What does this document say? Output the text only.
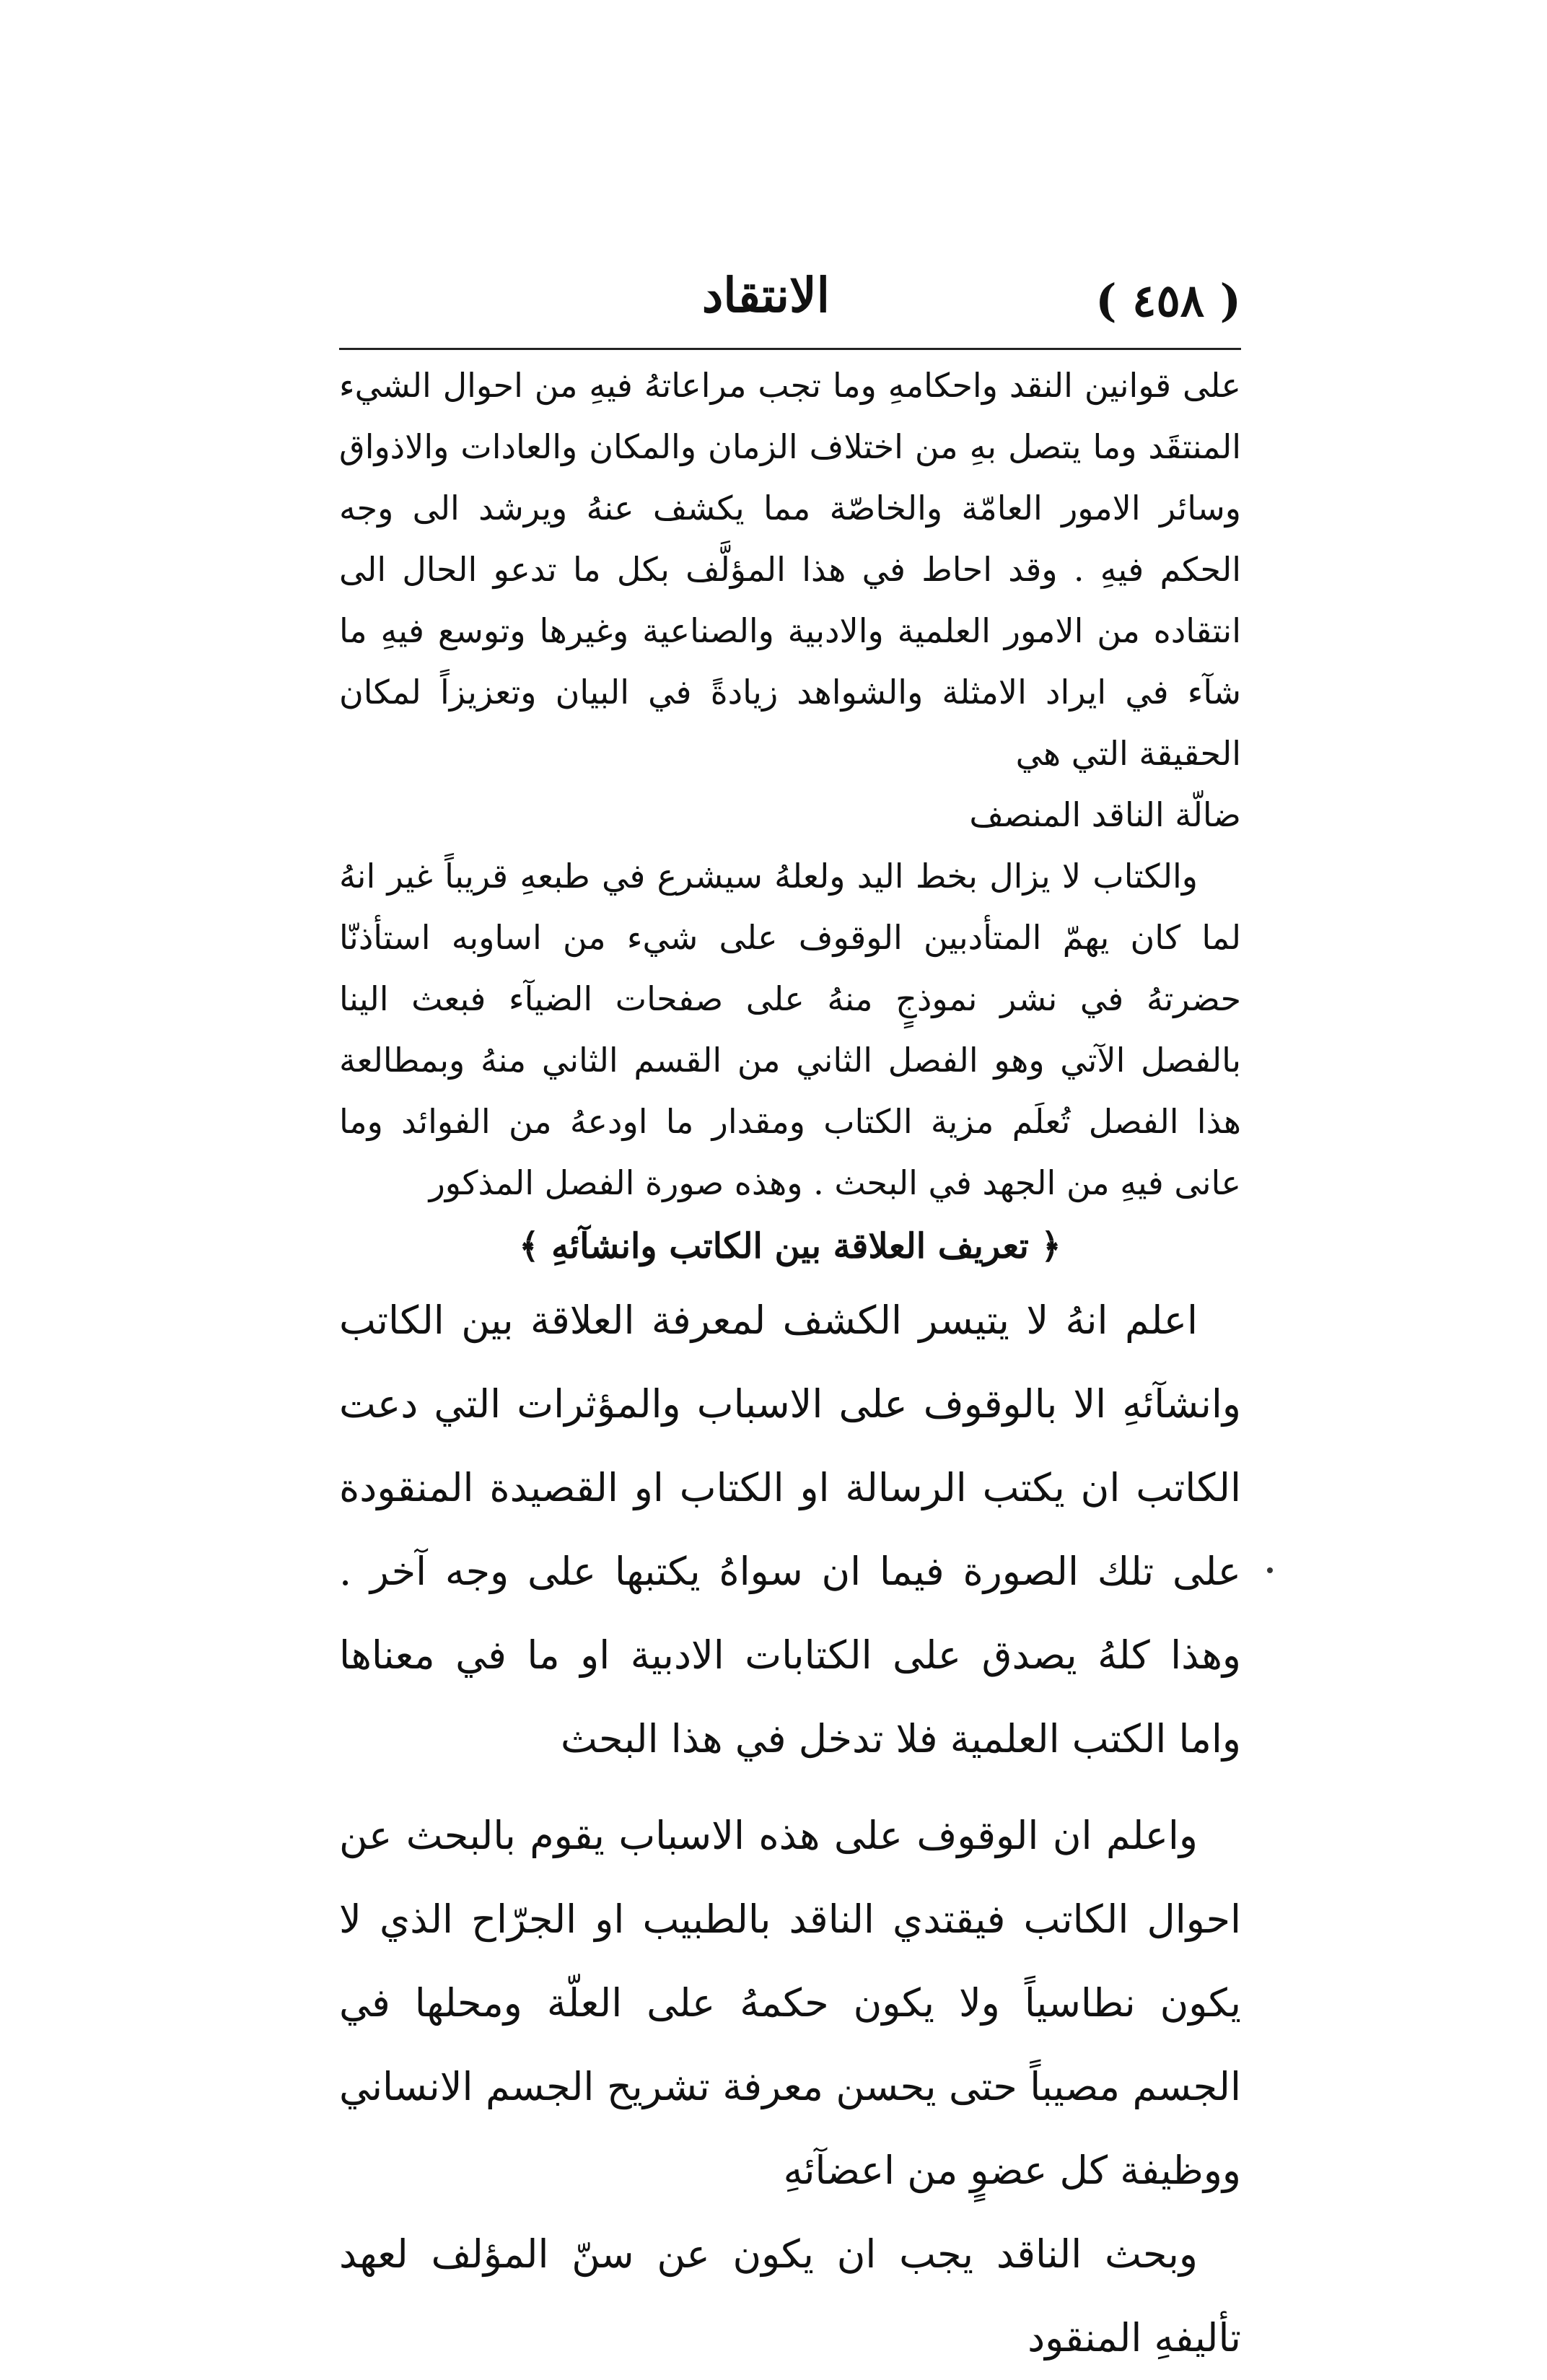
( ٤٥٨ )
الانتقاد

على قوانين النقد واحكامهِ وما تجب مراعاتهُ فيهِ من احوال الشيء المنتقَد وما يتصل بهِ من اختلاف الزمان والمكان والعادات والاذواق وسائر الامور العامّة والخاصّة مما يكشف عنهُ ويرشد الى وجه الحكم فيهِ . وقد احاط في هذا المؤلَّف بكل ما تدعو الحال الى انتقاده من الامور العلمية والادبية والصناعية وغيرها وتوسع فيهِ ما شآء في ايراد الامثلة والشواهد زيادةً في البيان وتعزيزاً لمكان الحقيقة التي هي

ضالّة الناقد المنصف

والكتاب لا يزال بخط اليد ولعلهُ سيشرع في طبعهِ قريباً غير انهُ لما كان يهمّ المتأدبين الوقوف على شيء من اساوبه استأذنّا حضرتهُ في نشر نموذجٍ منهُ على صفحات الضيآء فبعث الينا بالفصل الآتي وهو الفصل الثاني من القسم الثاني منهُ وبمطالعة هذا الفصل تُعلَم مزية الكتاب ومقدار ما اودعهُ من الفوائد وما عانى فيهِ من الجهد في البحث . وهذه صورة الفصل المذكور

﴿ تعريف العلاقة بين الكاتب وانشآئهِ ﴾

اعلم انهُ لا يتيسر الكشف لمعرفة العلاقة بين الكاتب وانشآئهِ الا بالوقوف على الاسباب والمؤثرات التي دعت الكاتب ان يكتب الرسالة او الكتاب او القصيدة المنقودة على تلك الصورة فيما ان سواهُ يكتبها على وجه آخر . وهذا كلهُ يصدق على الكتابات الادبية او ما في معناها واما الكتب العلمية فلا تدخل في هذا البحث

واعلم ان الوقوف على هذه الاسباب يقوم بالبحث عن احوال الكاتب فيقتدي الناقد بالطبيب او الجرّاح الذي لا يكون نطاسياً ولا يكون حكمهُ على العلّة ومحلها في الجسم مصيباً حتى يحسن معرفة تشريح الجسم الانساني ووظيفة كل عضوٍ من اعضآئهِ

وبحث الناقد يجب ان يكون عن سنّ المؤلف لعهد تأليفهِ المنقود
